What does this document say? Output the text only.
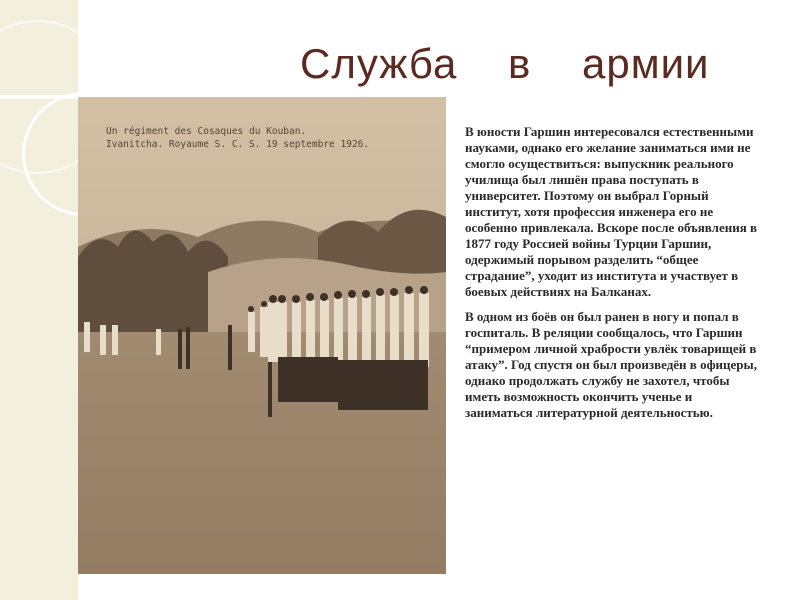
Служба    в    армии
Un régiment des Cosaques du Kouban.
Ivanitcha. Royaume S. C. S. 19 septembre 1926.

В юности Гаршин интересовался естественными науками, однако его желание заниматься ими не смогло осуществиться: выпускник реального училища был лишён права поступать в университет. Поэтому он выбрал Горный институт, хотя профессия инженера его не особенно привлекала. Вскоре после объявления в 1877 году Россией войны Турции Гаршин, одержимый порывом разделить “общее страдание”, уходит из института и участвует в боевых действиях на Балканах.

В одном из боёв он был ранен в ногу и попал в госпиталь. В реляции сообщалось, что Гаршин “примером личной храбрости увлёк товарищей в атаку”. Год спустя он был произведён в офицеры, однако продолжать службу не захотел, чтобы иметь возможность окончить ученье и заниматься литературной деятельностью.
